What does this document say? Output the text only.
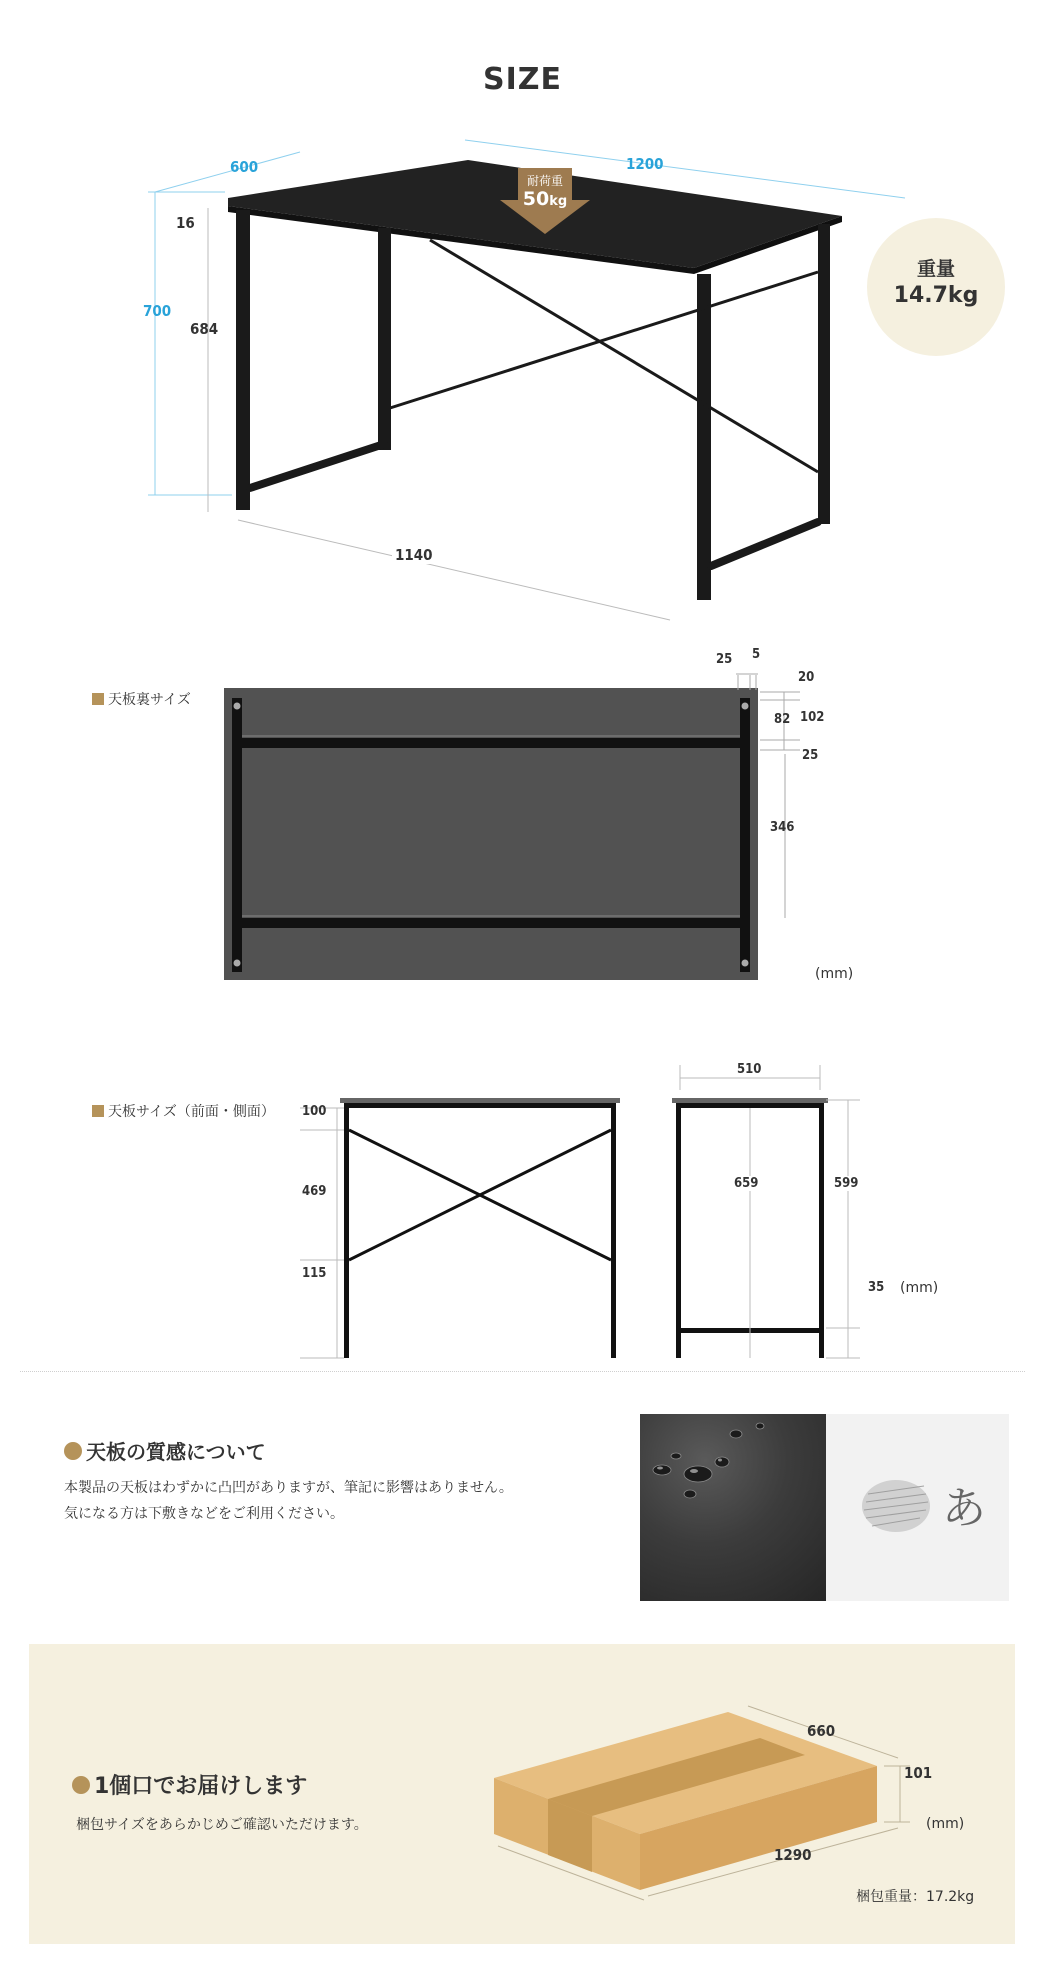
SIZE
耐荷重
50kg
600	1200
700
16
684
1140
重量
14.7kg
天板裏サイズ
25 5
20
82 102
25
346
(mm)
天板サイズ（前面・側面） 100
469
115
510
659	599
35 (mm)
天板の質感について
本製品の天板はわずかに凸凹がありますが、筆記に影響はありません。
気になる方は下敷きなどをご利用ください。	あ
1個口でお届けします
梱包サイズをあらかじめご確認いただけます。
660
101
1290
(mm)
梱包重量：17.2kg
